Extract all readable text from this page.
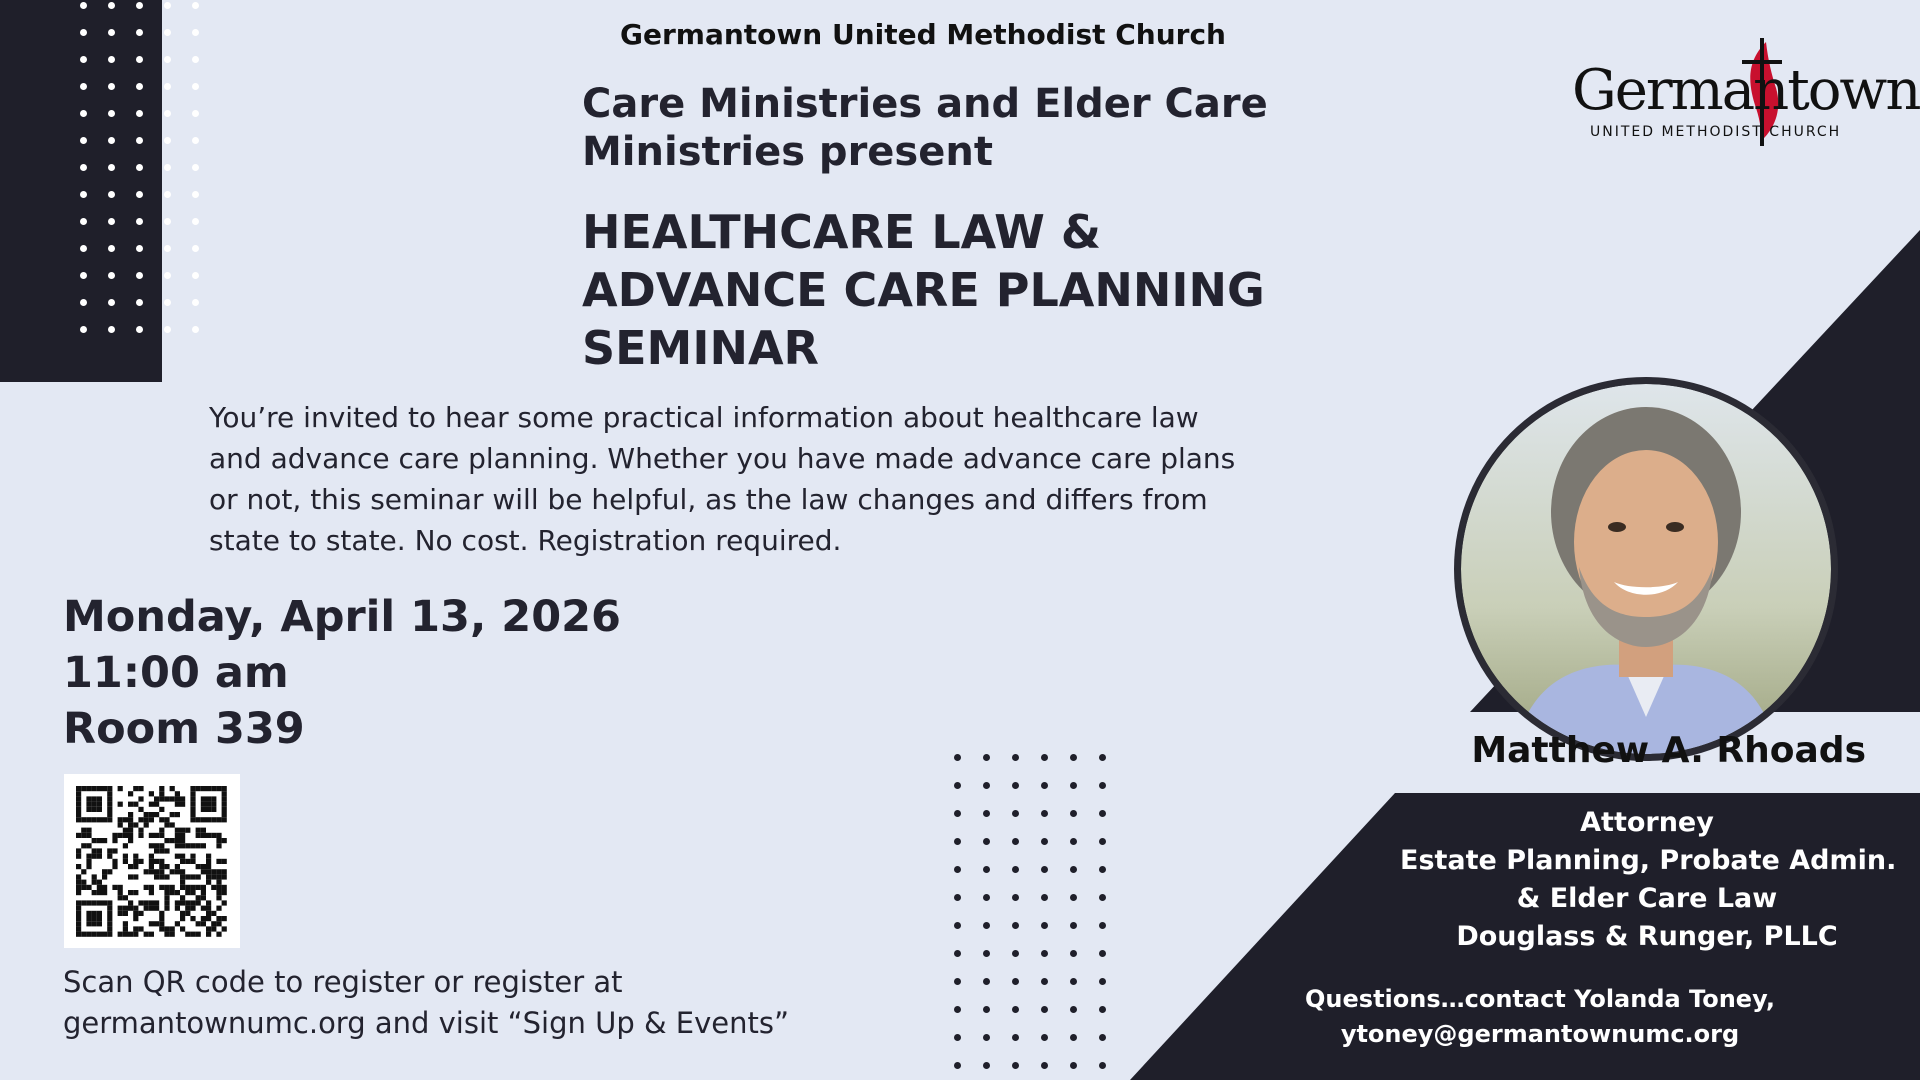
Germantown United Methodist Church
Care Ministries and Elder Care
Ministries present
HEALTHCARE LAW &
ADVANCE CARE PLANNING
SEMINAR
You’re invited to hear some practical information about healthcare law
and advance care planning. Whether you have made advance care plans
or not, this seminar will be helpful, as the law changes and differs from
state to state. No cost. Registration required.
Monday, April 13, 2026
11:00 am
Room 339
Scan QR code to register or register at
germantownumc.org and visit “Sign Up & Events”
Germantown
UNITED METHODIST CHURCH
Matthew A. Rhoads
Attorney
Estate Planning, Probate Admin.
& Elder Care Law
Douglass & Runger, PLLC
Questions…contact Yolanda Toney,
ytoney@germantownumc.org
